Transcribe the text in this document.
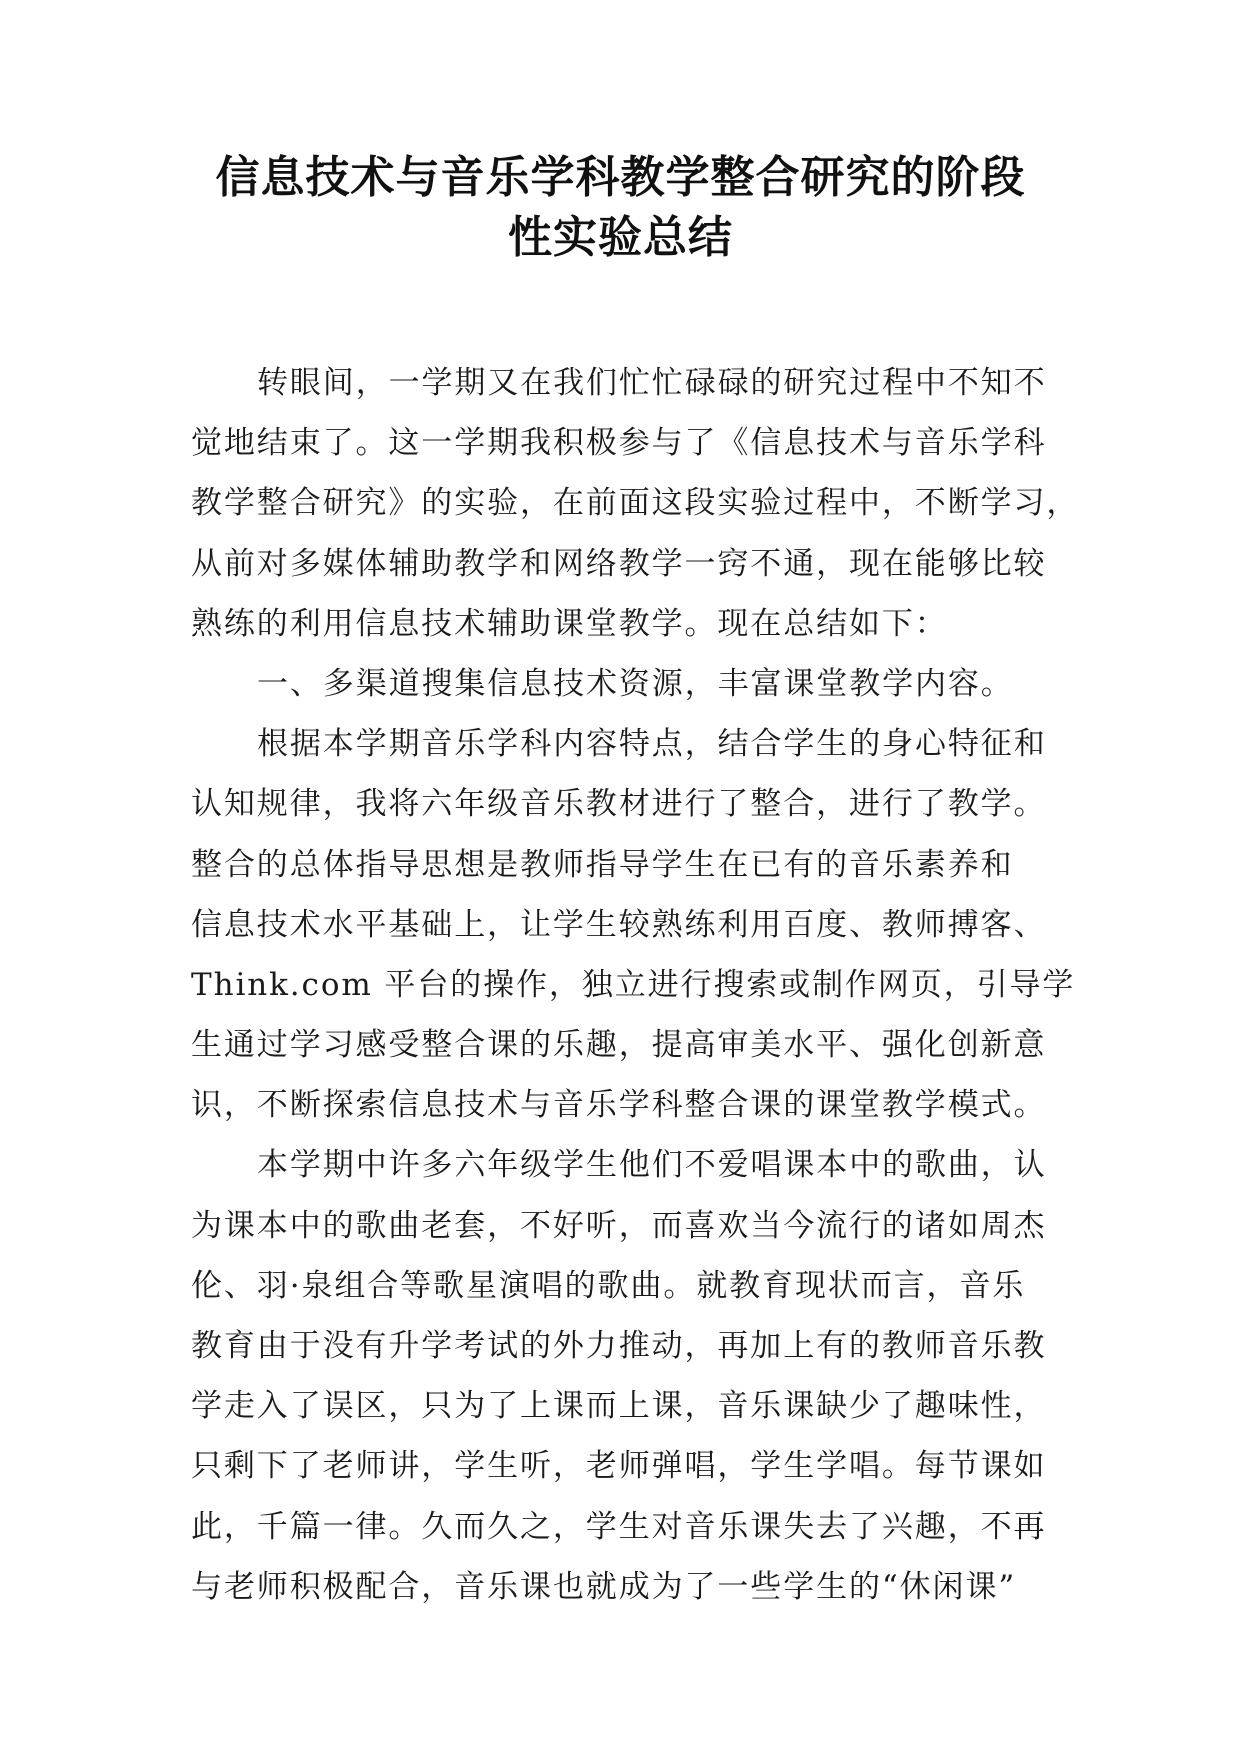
信息技术与音乐学科教学整合研究的阶段
性实验总结
转眼间，一学期又在我们忙忙碌碌的研究过程中不知不
觉地结束了。这一学期我积极参与了《信息技术与音乐学科
教学整合研究》的实验，在前面这段实验过程中，不断学习，
从前对多媒体辅助教学和网络教学一窍不通，现在能够比较
熟练的利用信息技术辅助课堂教学。现在总结如下：
一、多渠道搜集信息技术资源，丰富课堂教学内容。
根据本学期音乐学科内容特点，结合学生的身心特征和
认知规律，我将六年级音乐教材进行了整合，进行了教学。
整合的总体指导思想是教师指导学生在已有的音乐素养和
信息技术水平基础上，让学生较熟练利用百度、教师搏客、
Think.com 平台的操作，独立进行搜索或制作网页，引导学
生通过学习感受整合课的乐趣，提高审美水平、强化创新意
识，不断探索信息技术与音乐学科整合课的课堂教学模式。
本学期中许多六年级学生他们不爱唱课本中的歌曲，认
为课本中的歌曲老套，不好听，而喜欢当今流行的诸如周杰
伦、羽·泉组合等歌星演唱的歌曲。就教育现状而言，音乐
教育由于没有升学考试的外力推动，再加上有的教师音乐教
学走入了误区，只为了上课而上课，音乐课缺少了趣味性，
只剩下了老师讲，学生听，老师弹唱，学生学唱。每节课如
此，千篇一律。久而久之，学生对音乐课失去了兴趣，不再
与老师积极配合，音乐课也就成为了一些学生的“休闲课”
